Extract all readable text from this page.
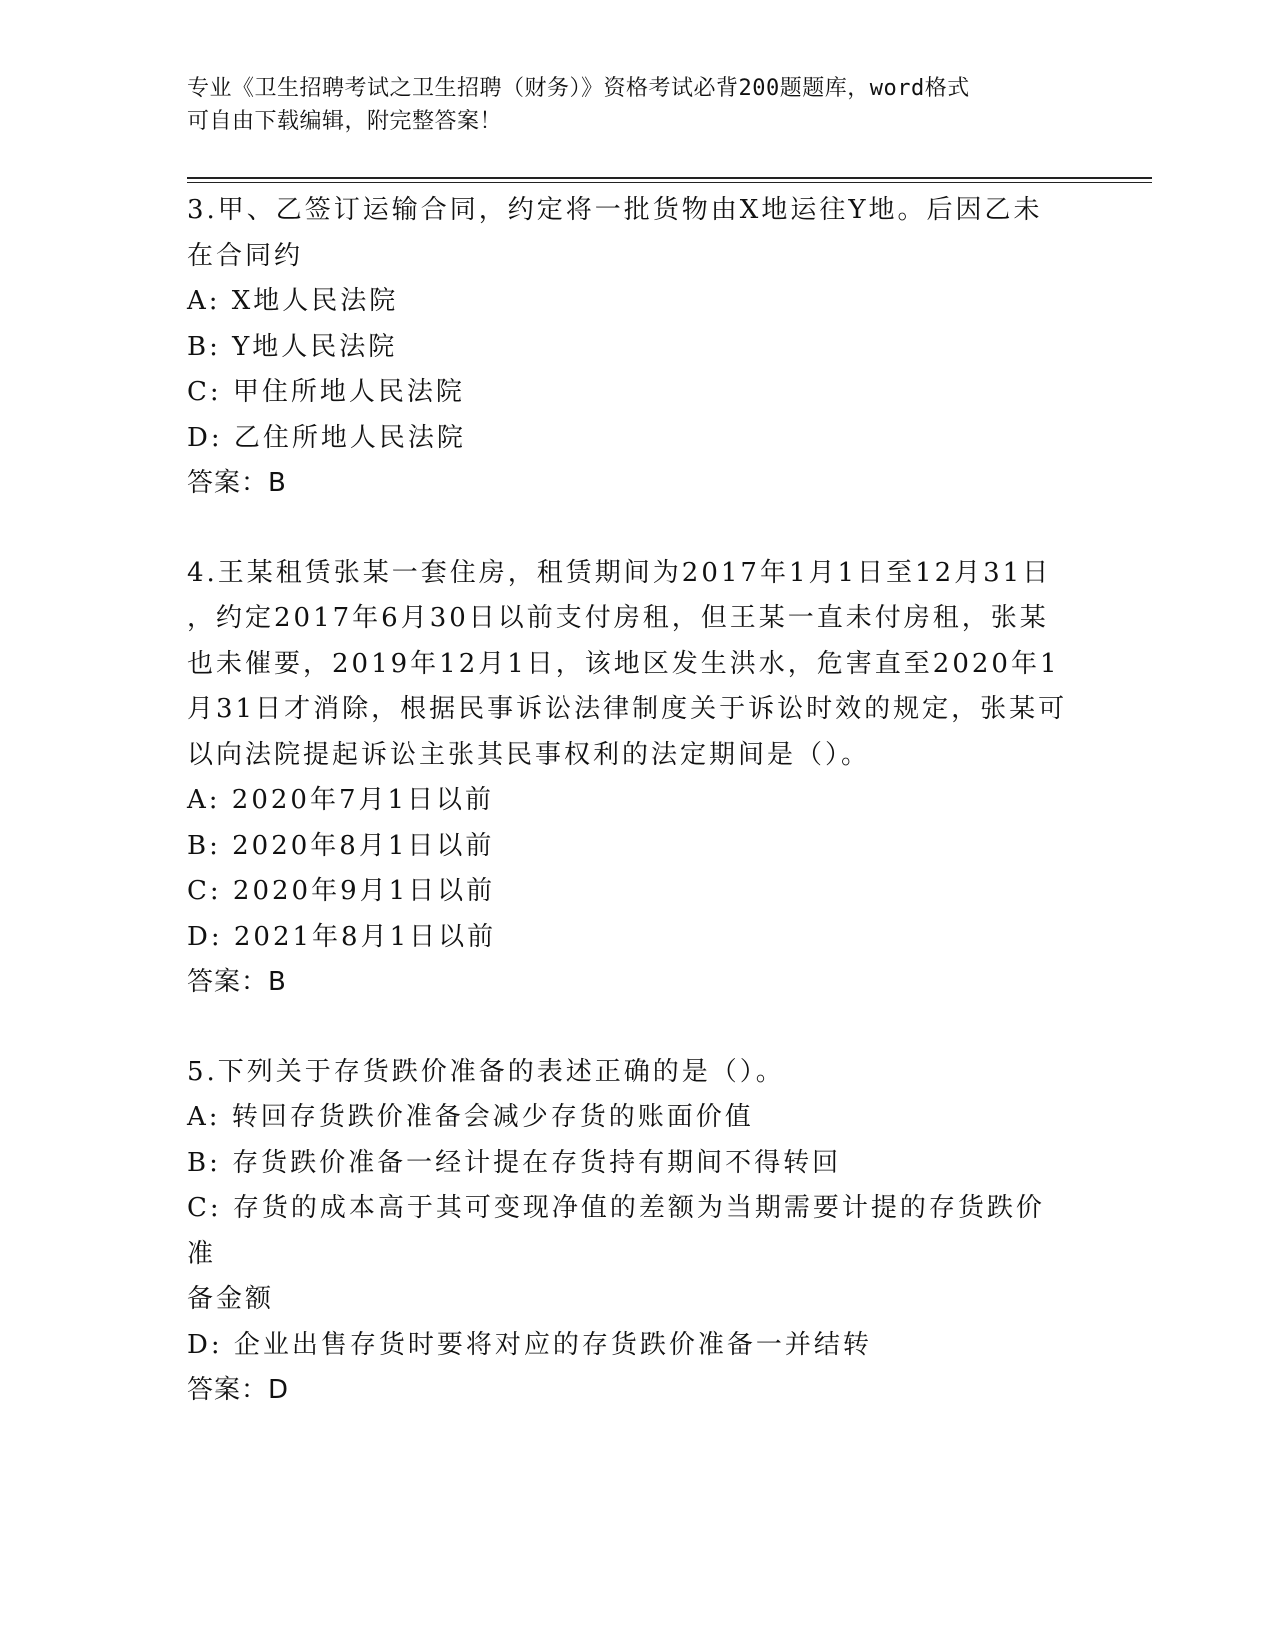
专业《卫生招聘考试之卫生招聘（财务）》资格考试必背200题题库，word格式
可自由下载编辑，附完整答案！
3.甲、乙签订运输合同，约定将一批货物由X地运往Y地。后因乙未
在合同约
A: X地人民法院
B: Y地人民法院
C: 甲住所地人民法院
D: 乙住所地人民法院
答案：B
4.王某租赁张某一套住房，租赁期间为2017年1月1日至12月31日
，约定2017年6月30日以前支付房租，但王某一直未付房租，张某
也未催要，2019年12月1日，该地区发生洪水，危害直至2020年1
月31日才消除，根据民事诉讼法律制度关于诉讼时效的规定，张某可
以向法院提起诉讼主张其民事权利的法定期间是（）。
A: 2020年7月1日以前
B: 2020年8月1日以前
C: 2020年9月1日以前
D: 2021年8月1日以前
答案：B
5.下列关于存货跌价准备的表述正确的是（）。
A: 转回存货跌价准备会减少存货的账面价值
B: 存货跌价准备一经计提在存货持有期间不得转回
C: 存货的成本高于其可变现净值的差额为当期需要计提的存货跌价准
备金额
D: 企业出售存货时要将对应的存货跌价准备一并结转
答案：D
